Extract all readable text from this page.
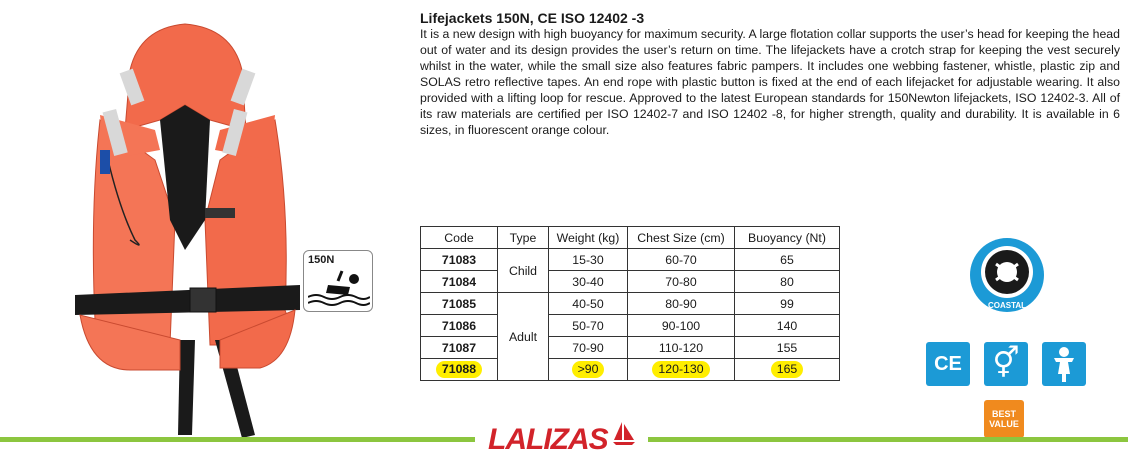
150N
Lifejackets 150N, CE ISO 12402 -3
It is a new design with high buoyancy for maximum security. A large flotation collar supports the user’s head for keeping the head out of water and its design provides the user’s return on time. The lifejackets have a crotch strap for keeping the vest securely whilst in the water, while the small size also features fabric pampers. It includes one webbing fastener, whistle, plastic zip and SOLAS retro reflective tapes. An end rope with plastic button is fixed at the end of each lifejacket for adjustable wearing. It also provided with a lifting loop for rescue. Approved to the latest European standards for 150Newton lifejackets, ISO 12402-3. All of its raw materials are certified per ISO 12402-7 and ISO 12402 -8, for higher strength, quality and durability. It is available in 6 sizes, in fluorescent orange colour.
Code	Type	Weight (kg)	Chest Size (cm)	Buoyancy (Nt)
71083	Child	15-30	60-70	65
71084		30-40	70-80	80
71085	Adult	40-50	80-90	99
71086		50-70	90-100	140
71087		70-90	110-120	155
71088		>90	120-130	165
COASTAL
CE ⚥
BEST VALUE
LALIZAS
